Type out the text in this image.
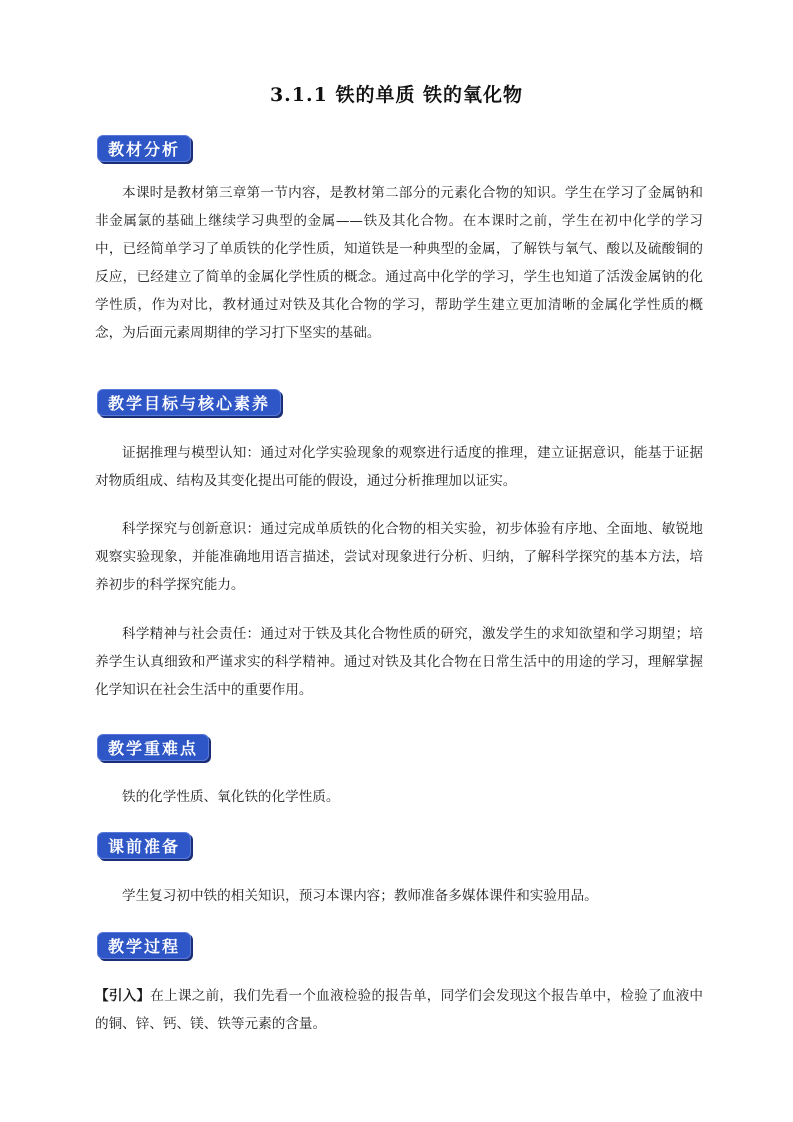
3.1.1 铁的单质 铁的氧化物
教材分析
本课时是教材第三章第一节内容，是教材第二部分的元素化合物的知识。学生在学习了金属钠和非金属氯的基础上继续学习典型的金属——铁及其化合物。在本课时之前，学生在初中化学的学习中，已经简单学习了单质铁的化学性质，知道铁是一种典型的金属，了解铁与氧气、酸以及硫酸铜的反应，已经建立了简单的金属化学性质的概念。通过高中化学的学习，学生也知道了活泼金属钠的化学性质，作为对比，教材通过对铁及其化合物的学习，帮助学生建立更加清晰的金属化学性质的概念，为后面元素周期律的学习打下坚实的基础。
教学目标与核心素养
证据推理与模型认知：通过对化学实验现象的观察进行适度的推理，建立证据意识，能基于证据对物质组成、结构及其变化提出可能的假设，通过分析推理加以证实。
科学探究与创新意识：通过完成单质铁的化合物的相关实验，初步体验有序地、全面地、敏锐地观察实验现象，并能准确地用语言描述，尝试对现象进行分析、归纳，了解科学探究的基本方法，培养初步的科学探究能力。
科学精神与社会责任：通过对于铁及其化合物性质的研究，激发学生的求知欲望和学习期望；培养学生认真细致和严谨求实的科学精神。通过对铁及其化合物在日常生活中的用途的学习，理解掌握化学知识在社会生活中的重要作用。
教学重难点
铁的化学性质、氧化铁的化学性质。
课前准备
学生复习初中铁的相关知识，预习本课内容；教师准备多媒体课件和实验用品。
教学过程
【引入】在上课之前，我们先看一个血液检验的报告单，同学们会发现这个报告单中，检验了血液中的铜、锌、钙、镁、铁等元素的含量。
